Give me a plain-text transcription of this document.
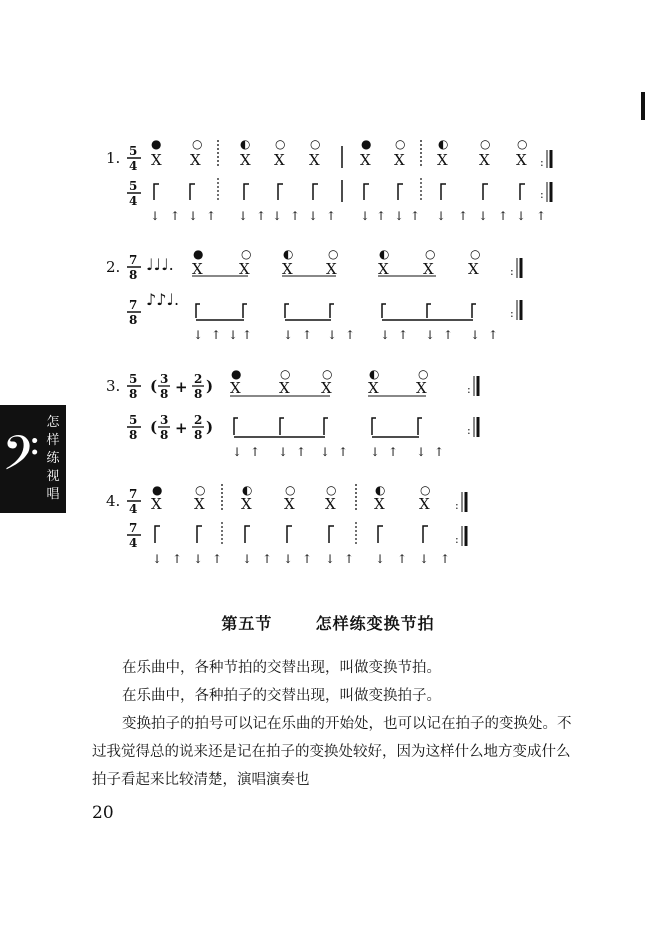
1. 5
4
●
X
○
X
◐
X
○
X
○
X
●
X
○
X
◐
X
○
X
○
X :
5
4	:
↓ ↑ ↓ ↑ ↓ ↑ ↓ ↑ ↓ ↑ ↓ ↑ ↓ ↑ ↓ ↑ ↓ ↑ ↓ ↑
2. 7
8
♩♩♩.
●
X
○
X
◐
X
○
X
◐
X
○
X
○
X	:
7
8
♪♪♩.
:
↓ ↑ ↓ ↑	↓ ↑ ↓ ↑ ↓ ↑ ↓ ↑ ↓ ↑
3. 5
8 ( 3
8 + 2
8 )
●
X
○
X
○
X
◐
X
○
X	:
5
8 ( 3
8 + 2
8 )	:
↓ ↑ ↓ ↑ ↓ ↑ ↓ ↑ ↓ ↑
4. 7
4
●
X
○
X
◐
X
○
X
○
X
◐
X
○
X :
7
4	:
↓ ↑ ↓ ↑ ↓ ↑ ↓ ↑ ↓ ↑ ↓ ↑ ↓ ↑
𝄢
怎
样
练
视
唱
第五节	怎样练变换节拍
在乐曲中，各种节拍的交替出现，叫做变换节拍。
在乐曲中，各种拍子的交替出现，叫做变换拍子。
变换拍子的拍号可以记在乐曲的开始处，也可以记在拍子的变换处。不过我觉得总的说来还是记在拍子的变换处较好，因为这样什么地方变成什么拍子看起来比较清楚，演唱演奏也
20
